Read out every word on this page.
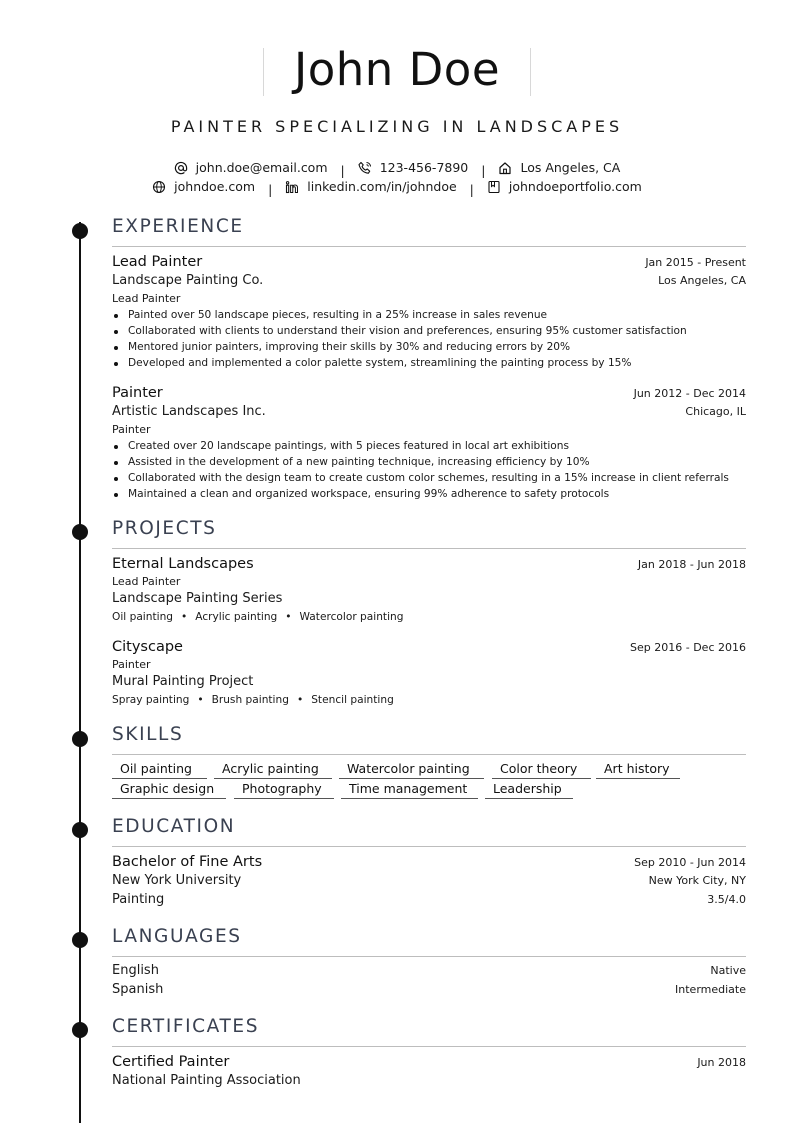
John Doe
PAINTER SPECIALIZING IN LANDSCAPES
john.doe@email.com |	123-456-7890 |	Los Angeles, CA
johndoe.com |	linkedin.com/in/johndoe |	johndoeportfolio.com
EXPERIENCE
Lead Painter	Jan 2015 - Present
Landscape Painting Co.	Los Angeles, CA
Lead Painter
Painted over 50 landscape pieces, resulting in a 25% increase in sales revenue
Collaborated with clients to understand their vision and preferences, ensuring 95% customer satisfaction
Mentored junior painters, improving their skills by 30% and reducing errors by 20%
Developed and implemented a color palette system, streamlining the painting process by 15%
Painter	Jun 2012 - Dec 2014
Artistic Landscapes Inc.	Chicago, IL
Painter
Created over 20 landscape paintings, with 5 pieces featured in local art exhibitions
Assisted in the development of a new painting technique, increasing efficiency by 10%
Collaborated with the design team to create custom color schemes, resulting in a 15% increase in client referrals
Maintained a clean and organized workspace, ensuring 99% adherence to safety protocols
PROJECTS
Eternal Landscapes	Jan 2018 - Jun 2018
Lead Painter
Landscape Painting Series
Oil painting • Acrylic painting • Watercolor painting
Cityscape	Sep 2016 - Dec 2016
Painter
Mural Painting Project
Spray painting • Brush painting • Stencil painting
SKILLS
Oil painting	Acrylic painting	Watercolor painting	Color theory	Art history
Graphic design	Photography	Time management	Leadership
EDUCATION
Bachelor of Fine Arts	Sep 2010 - Jun 2014
New York University	New York City, NY
Painting	3.5/4.0
LANGUAGES
English	Native
Spanish	Intermediate
CERTIFICATES
Certified Painter	Jun 2018
National Painting Association
